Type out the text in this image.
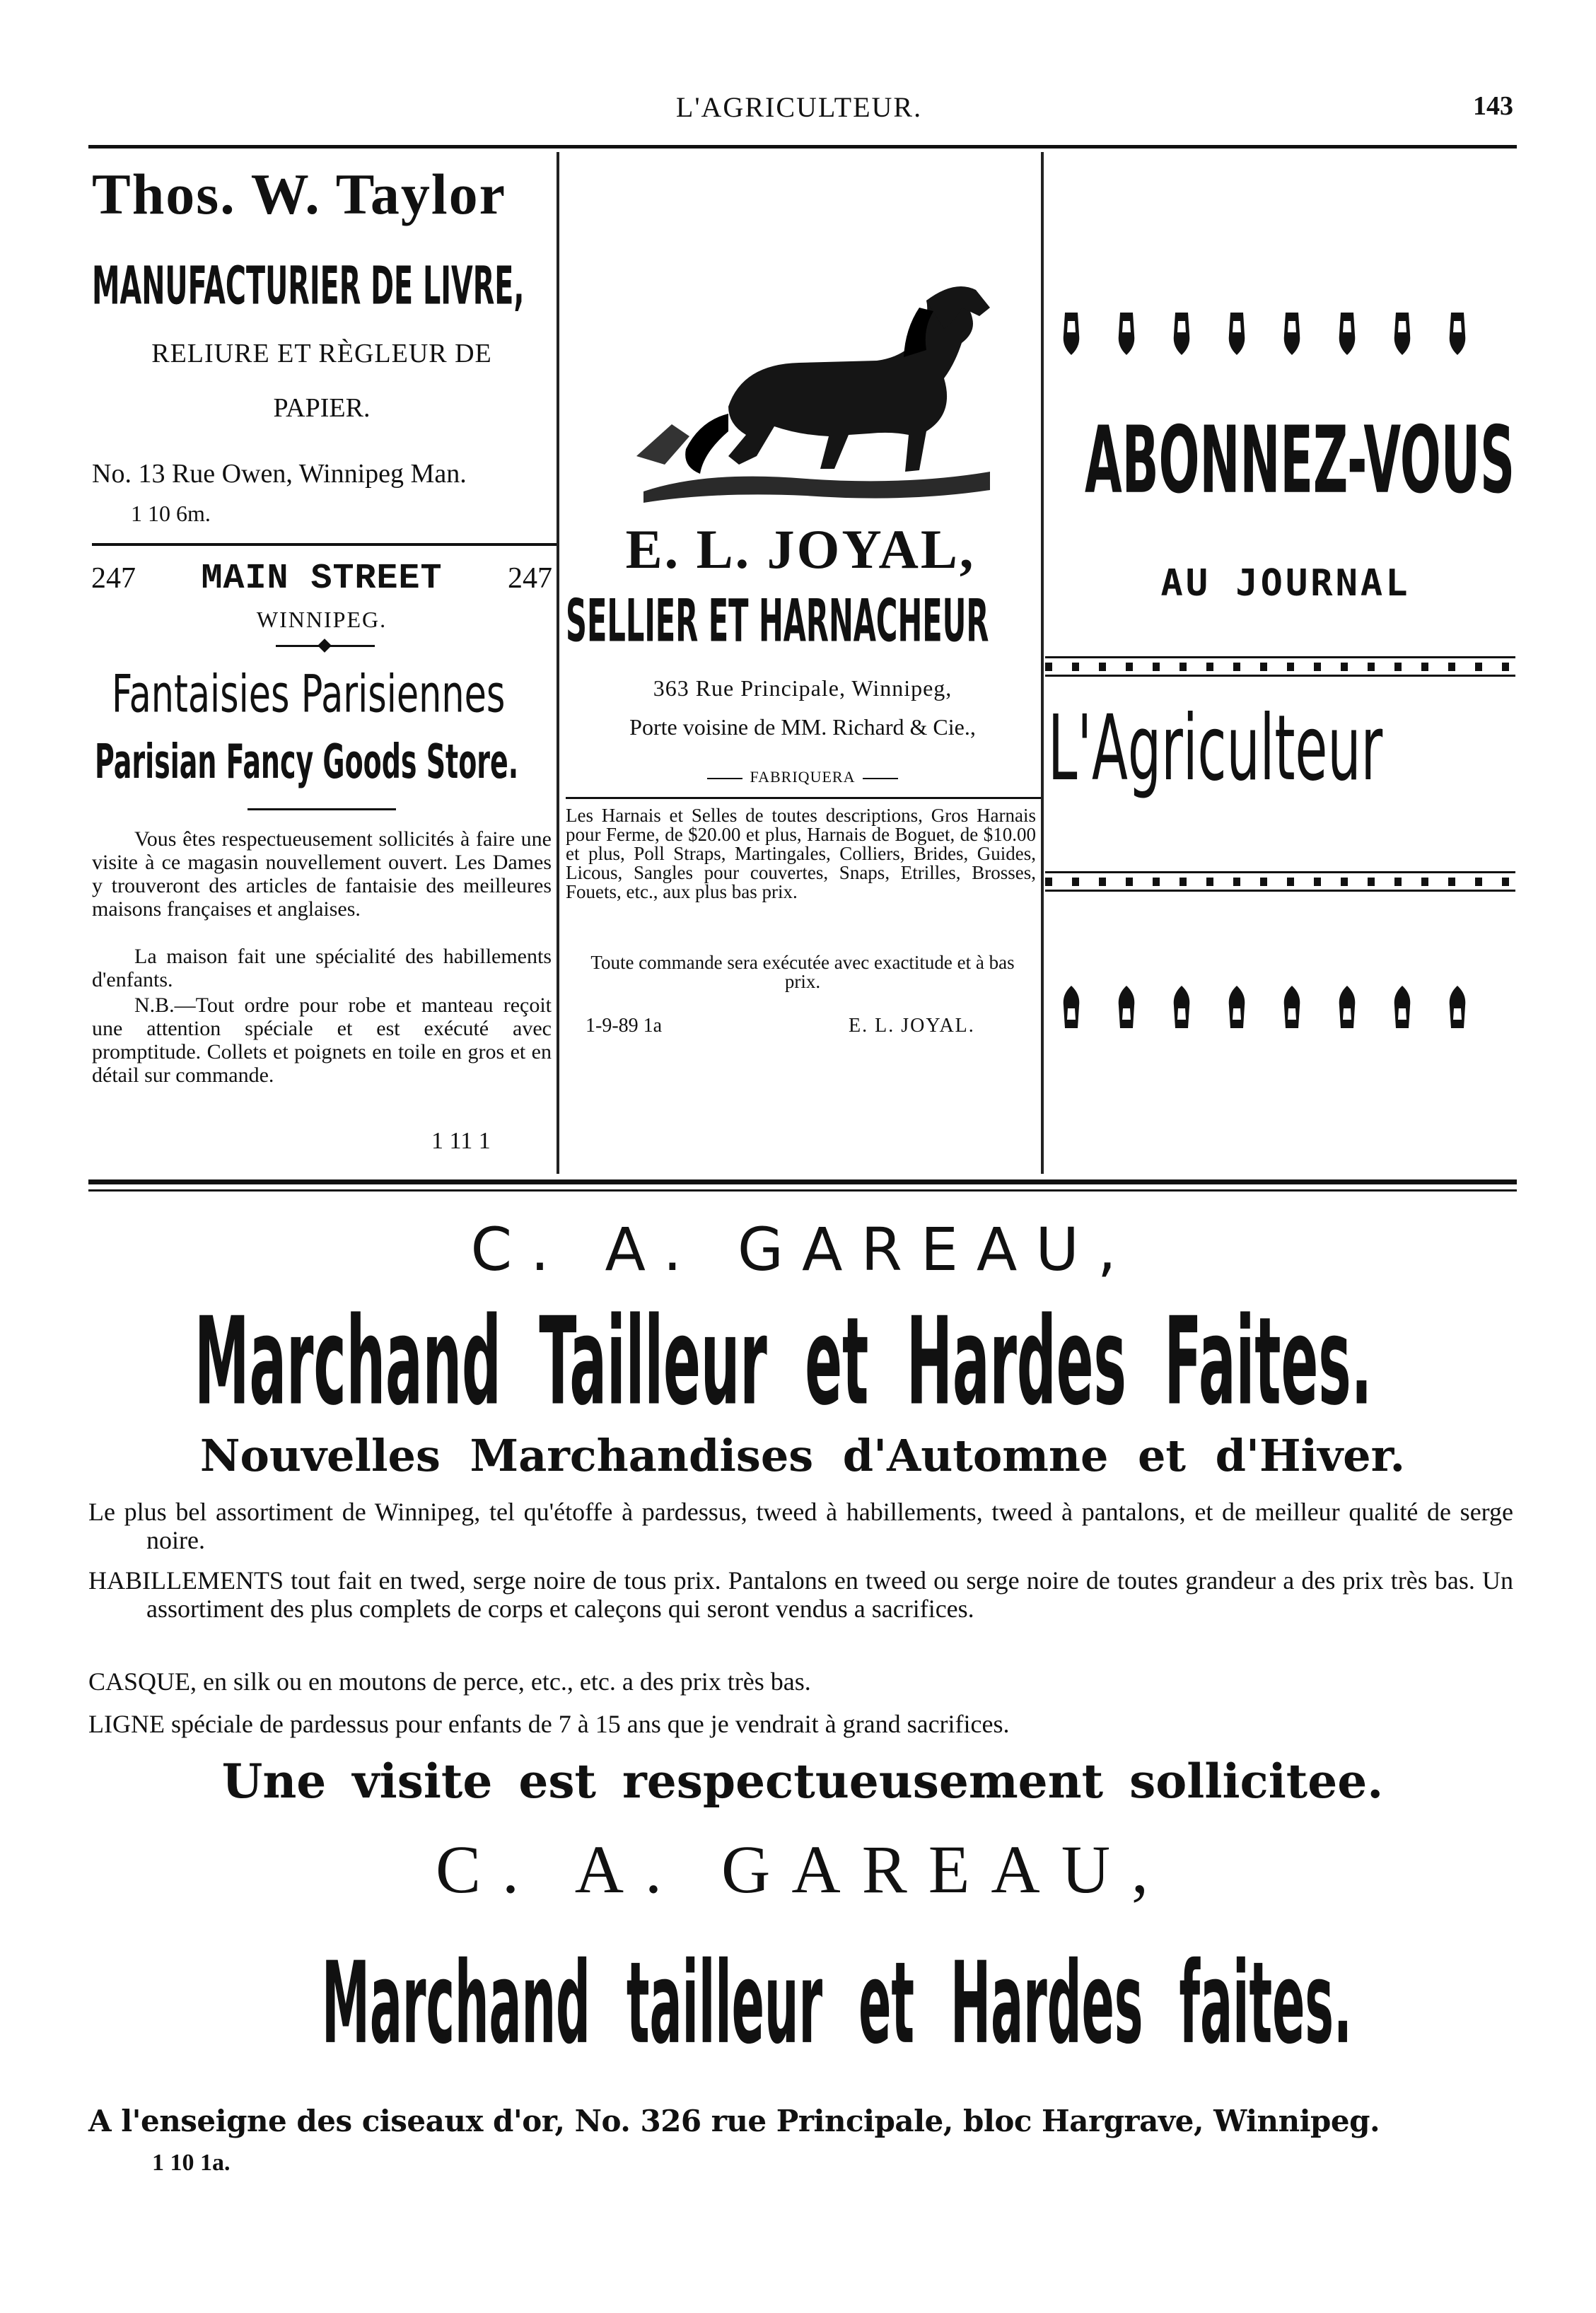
L'AGRICULTEUR.	143
Thos. W. Taylor
MANUFACTURIER DE LIVRE,
RELIURE ET RÈGLEUR DE
PAPIER.
No. 13 Rue Owen, Winnipeg Man.
1 10 6m.
247	MAIN STREET	247
WINNIPEG.
Fantaisies Parisiennes
Parisian Fancy Goods Store.
Vous êtes respectueusement sollicités à faire une visite à ce magasin nouvellement ouvert. Les Dames y trouveront des articles de fantaisie des meilleures maisons françaises et anglaises.
La maison fait une spécialité des habillements d'enfants.
N.B.—Tout ordre pour robe et manteau reçoit une attention spéciale et est exécuté avec promptitude. Collets et poignets en toile en gros et en détail sur commande.
1 11 1
E. L. JOYAL,
SELLIER ET HARNACHEUR
363 Rue Principale, Winnipeg,
Porte voisine de MM. Richard & Cie.,
FABRIQUERA
Les Harnais et Selles de toutes descriptions, Gros Harnais pour Ferme, de $20.00 et plus, Harnais de Boguet, de $10.00 et plus, Poll Straps, Martingales, Colliers, Brides, Guides, Licous, Sangles pour couvertes, Snaps, Etrilles, Brosses, Fouets, etc., aux plus bas prix.
Toute commande sera exécutée avec exactitude et à bas prix.
1-9-89 1a	E. L. JOYAL.

ABONNEZ-VOUS
AU JOURNAL
L'Agriculteur

C. A. GAREAU,
Marchand Tailleur et Hardes Faites.
Nouvelles Marchandises d'Automne et d'Hiver.
Le plus bel assortiment de Winnipeg, tel qu'étoffe à pardessus, tweed à habillements, tweed à pantalons, et de meilleur qualité de serge noire.
HABILLEMENTS tout fait en twed, serge noire de tous prix. Pantalons en tweed ou serge noire de toutes grandeur a des prix très bas. Un assortiment des plus complets de corps et caleçons qui seront vendus a sacrifices.
CASQUE, en silk ou en moutons de perce, etc., etc. a des prix très bas.
LIGNE spéciale de pardessus pour enfants de 7 à 15 ans que je vendrait à grand sacrifices.
Une visite est respectueusement sollicitee.
C. A. GAREAU,
Marchand tailleur et Hardes faites.
A l'enseigne des ciseaux d'or, No. 326 rue Principale, bloc Hargrave, Winnipeg.
1 10 1a.
